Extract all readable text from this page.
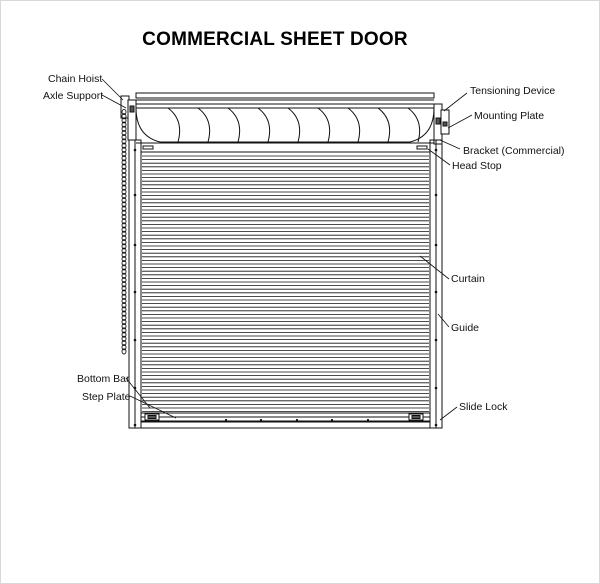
COMMERCIAL SHEET DOOR
Chain Hoist
Axle Support	Tensioning Device
Mounting Plate
Bracket (Commercial)
Head Stop
Curtain
Guide
Bottom Bar
Step Plate
Slide Lock
